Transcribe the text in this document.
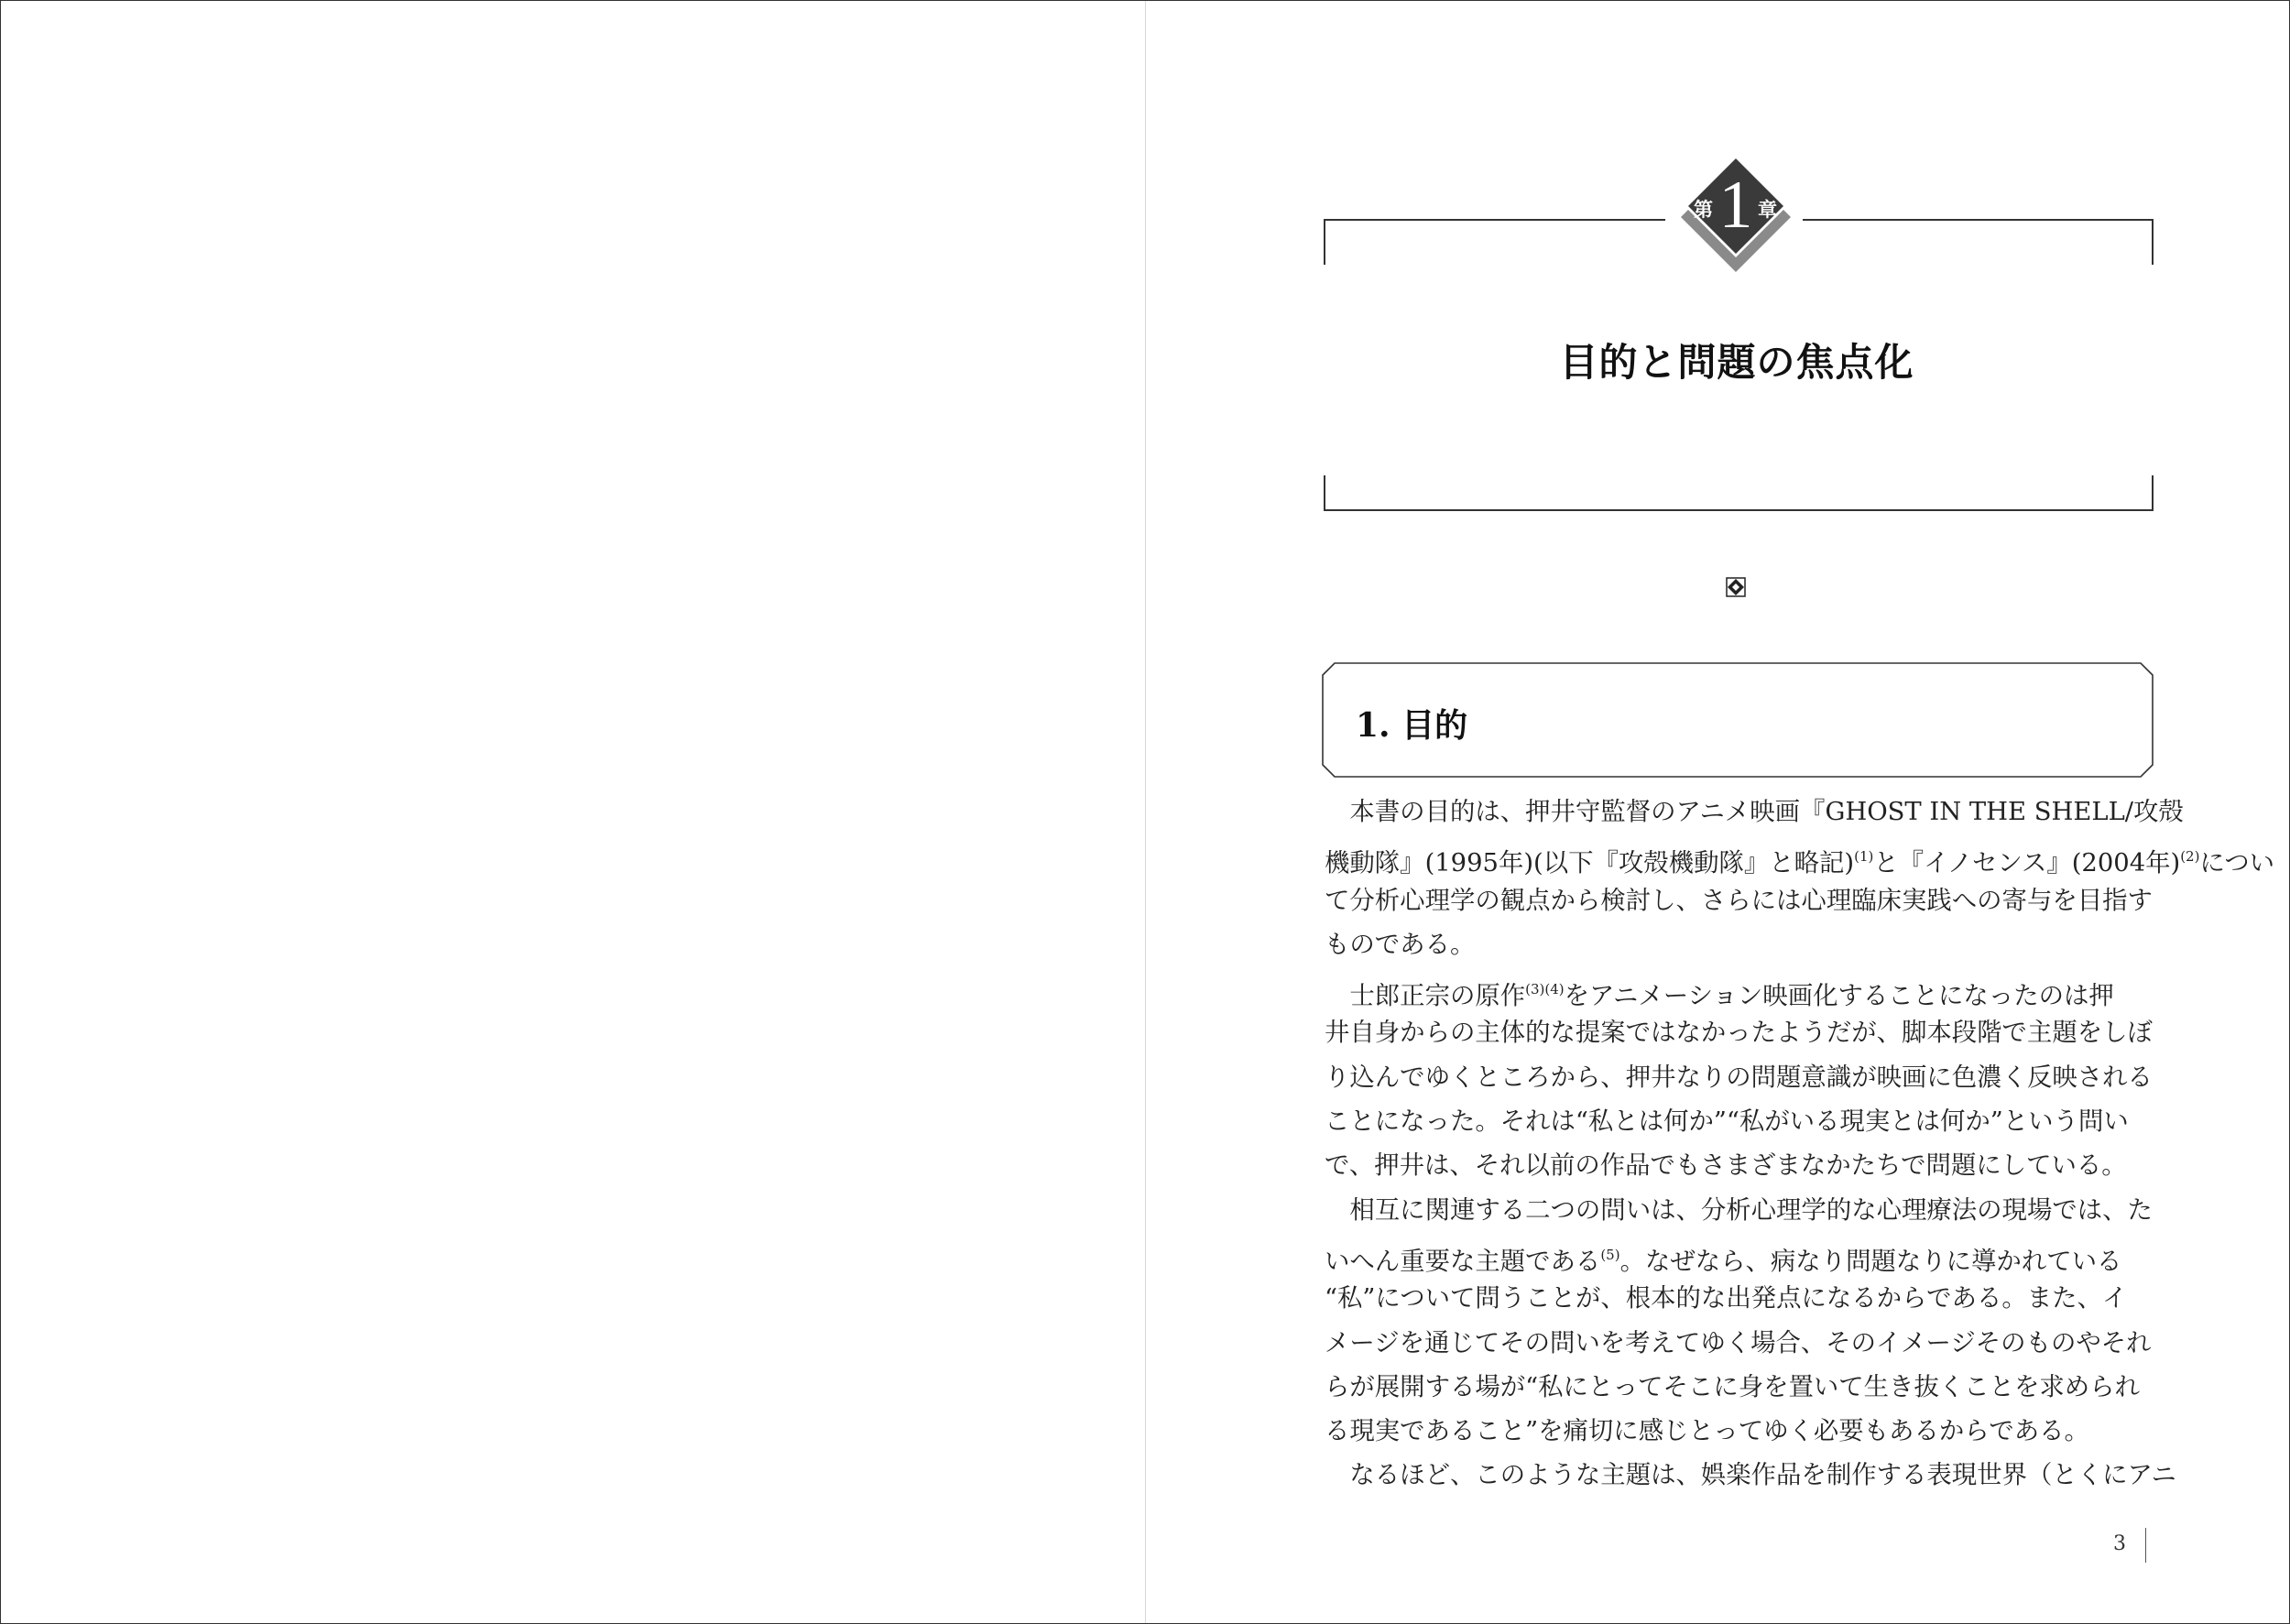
第 1 章
目的と問題の焦点化
1. 目的
　本書の目的は、押井守監督のアニメ映画『GHOST IN THE SHELL/攻殻
機動隊』(1995年)(以下『攻殻機動隊』と略記)$^{(1)}$と『イノセンス』(2004年)$^{(2)}$につい
て分析心理学の観点から検討し、さらには心理臨床実践への寄与を目指す
ものである。
　士郎正宗の原作$^{(3)(4)}$をアニメーション映画化することになったのは押
井自身からの主体的な提案ではなかったようだが、脚本段階で主題をしぼ
り込んでゆくところから、押井なりの問題意識が映画に色濃く反映される
ことになった。それは“私とは何か”“私がいる現実とは何か”という問い
で、押井は、それ以前の作品でもさまざまなかたちで問題にしている。
　相互に関連する二つの問いは、分析心理学的な心理療法の現場では、た
いへん重要な主題である$^{(5)}$。なぜなら、病なり問題なりに導かれている
“私”について問うことが、根本的な出発点になるからである。また、イ
メージを通じてその問いを考えてゆく場合、そのイメージそのものやそれ
らが展開する場が“私にとってそこに身を置いて生き抜くことを求められ
る現実であること”を痛切に感じとってゆく必要もあるからである。
　なるほど、このような主題は、娯楽作品を制作する表現世界（とくにアニ
3
